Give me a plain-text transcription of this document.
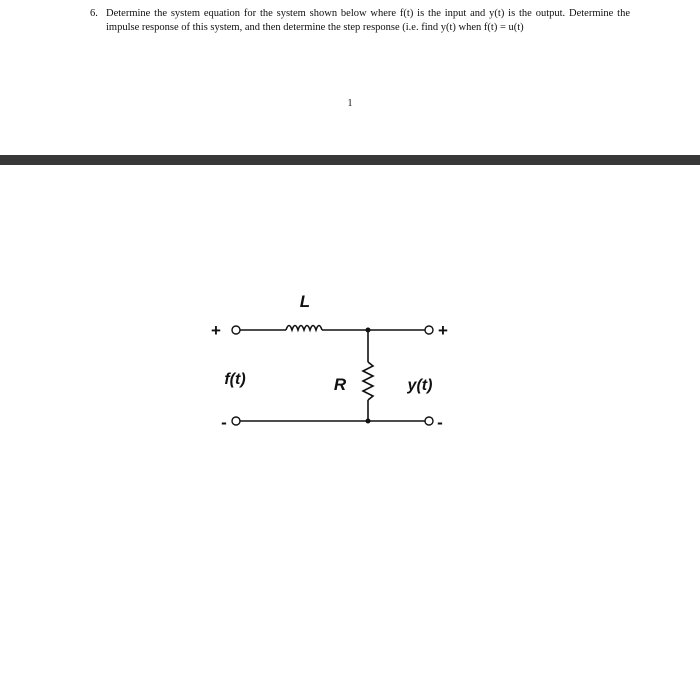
6. Determine the system equation for the system shown below where f(t) is the input and y(t) is the output. Determine the impulse response of this system, and then determine the step response (i.e. find y(t) when f(t) = u(t)
1
L
R
f(t)	y(t)
+
-
+
-
